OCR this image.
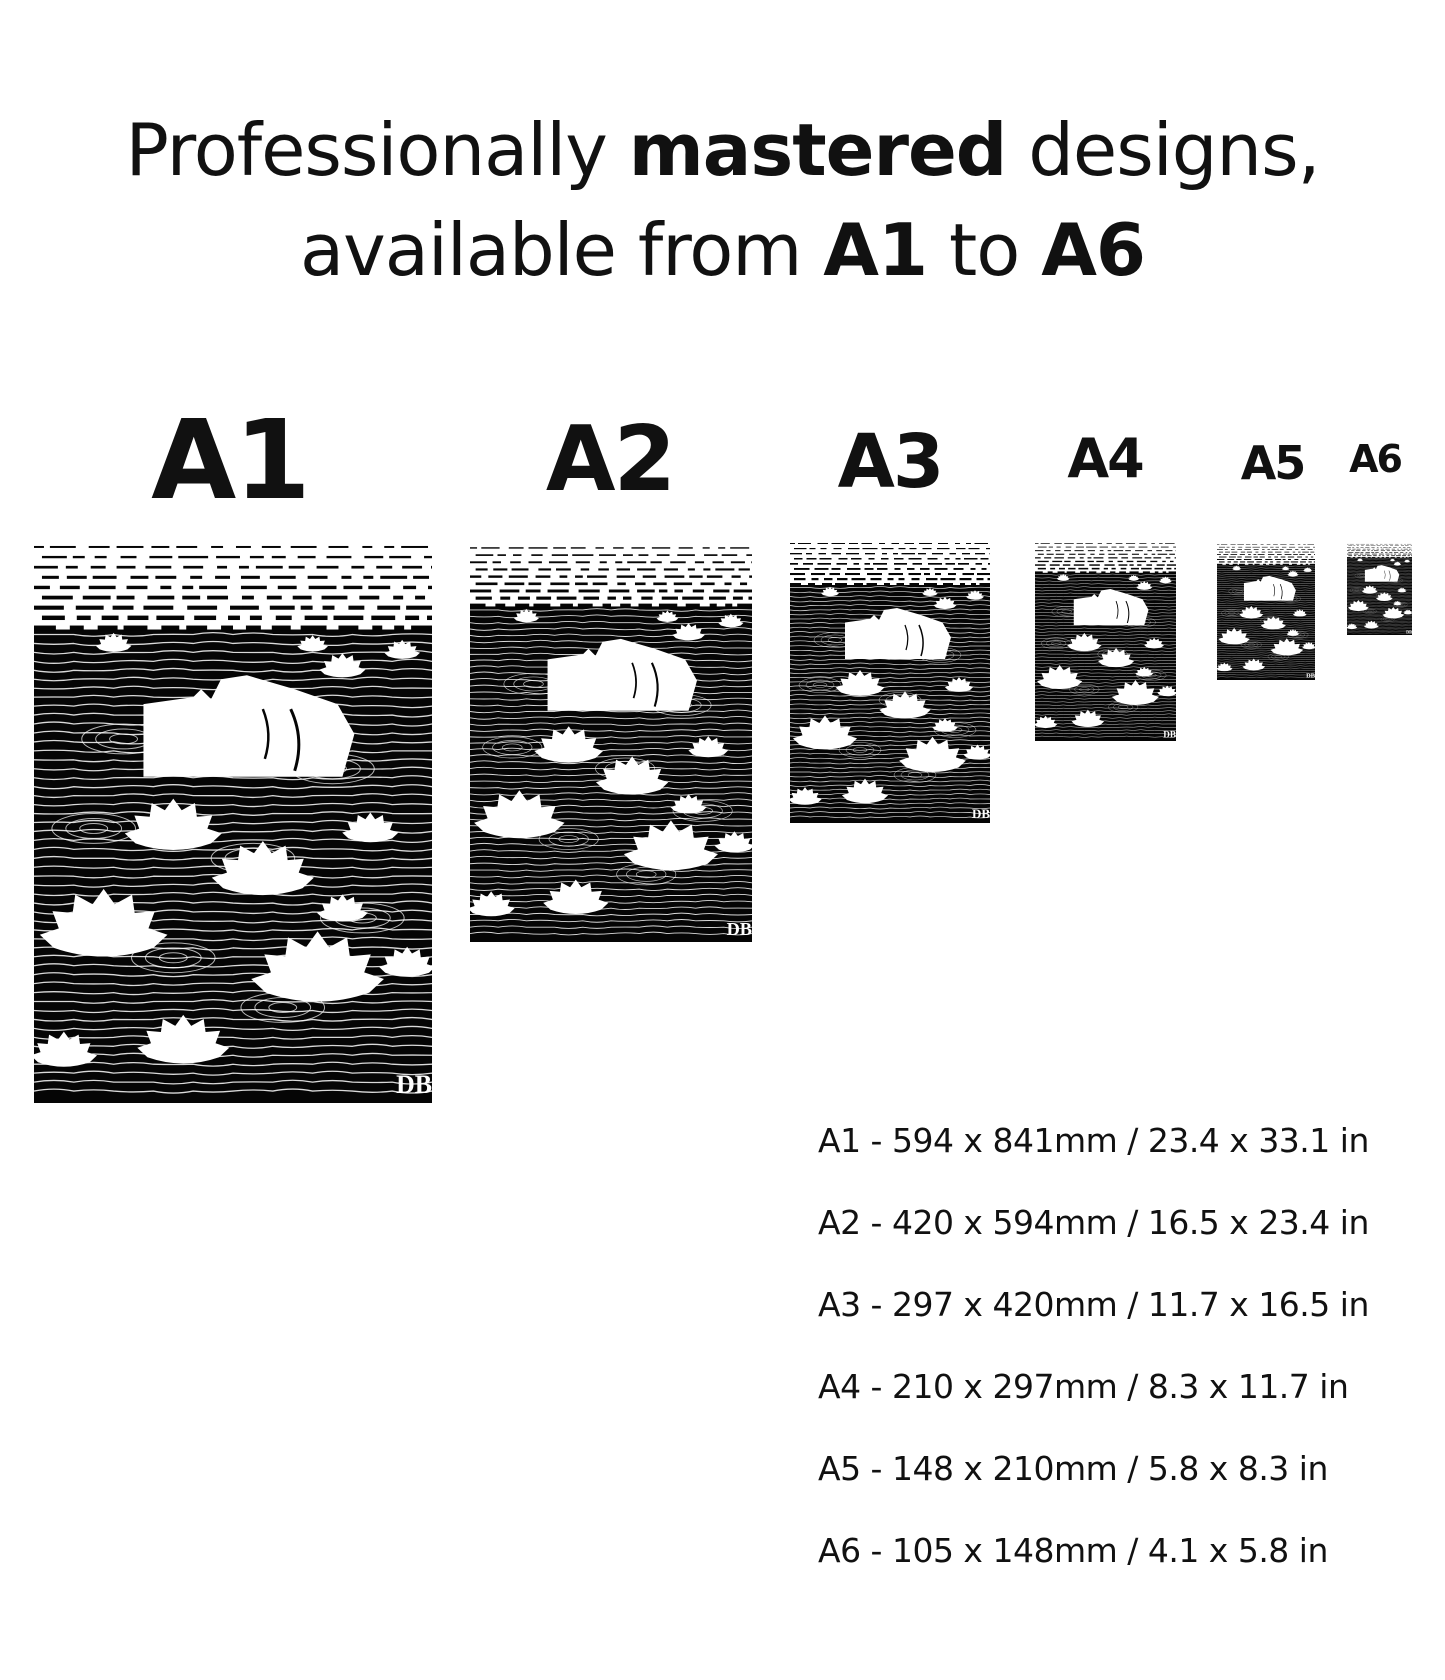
Professionally mastered designs,
available from A1 to A6
A1	A2 A3 A4 A5 A6
DB
DB
DB
DB
DB
DB
A1 - 594 x 841mm / 23.4 x 33.1 in
A2 - 420 x 594mm / 16.5 x 23.4 in
A3 - 297 x 420mm / 11.7 x 16.5 in
A4 - 210 x 297mm / 8.3 x 11.7 in
A5 - 148 x 210mm / 5.8 x 8.3 in
A6 - 105 x 148mm / 4.1 x 5.8 in
